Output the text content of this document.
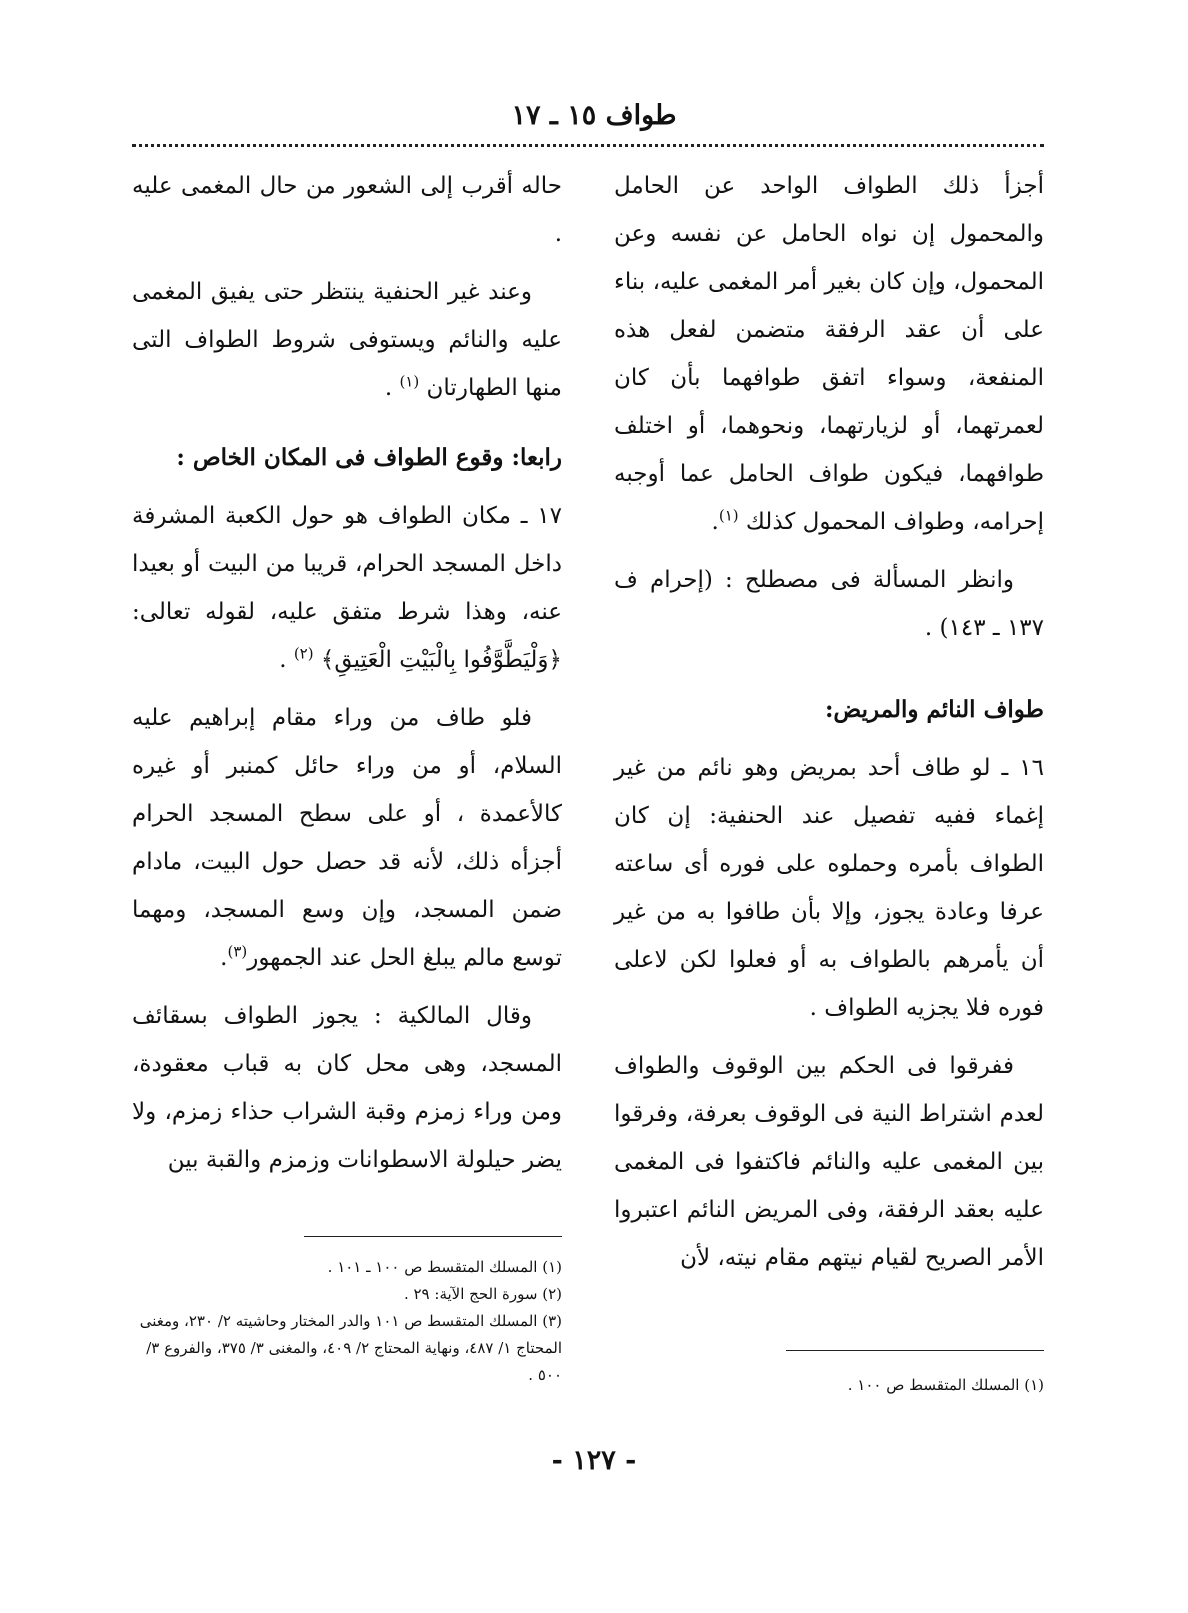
طواف ١٥ ـ ١٧

أجزأ ذلك الطواف الواحد عن الحامل والمحمول إن نواه الحامل عن نفسه وعن المحمول، وإن كان بغير أمر المغمى عليه، بناء على أن عقد الرفقة متضمن لفعل هذه المنفعة، وسواء اتفق طوافهما بأن كان لعمرتهما، أو لزيارتهما، ونحوهما، أو اختلف طوافهما، فيكون طواف الحامل عما أوجبه إحرامه، وطواف المحمول كذلك $^{(١)}$.

وانظر المسألة فى مصطلح : (إحرام ف ١٣٧ ـ ١٤٣) .

طواف النائم والمريض:

١٦ ـ لو طاف أحد بمريض وهو نائم من غير إغماء ففيه تفصيل عند الحنفية: إن كان الطواف بأمره وحملوه على فوره أى ساعته عرفا وعادة يجوز، وإلا بأن طافوا به من غير أن يأمرهم بالطواف به أو فعلوا لكن لاعلى فوره فلا يجزيه الطواف .

ففرقوا فى الحكم بين الوقوف والطواف لعدم اشتراط النية فى الوقوف بعرفة، وفرقوا بين المغمى عليه والنائم فاكتفوا فى المغمى عليه بعقد الرفقة، وفى المريض النائم اعتبروا الأمر الصريح لقيام نيتهم مقام نيته، لأن

حاله أقرب إلى الشعور من حال المغمى عليه .

وعند غير الحنفية ينتظر حتى يفيق المغمى عليه والنائم ويستوفى شروط الطواف التى منها الطهارتان $^{(١)}$ .

رابعا: وقوع الطواف فى المكان الخاص :

١٧ ـ مكان الطواف هو حول الكعبة المشرفة داخل المسجد الحرام، قريبا من البيت أو بعيدا عنه، وهذا شرط متفق عليه، لقوله تعالى: ﴿وَلْيَطَّوَّفُوا بِالْبَيْتِ الْعَتِيقِ﴾ $^{(٢)}$ .

فلو طاف من وراء مقام إبراهيم عليه السلام، أو من وراء حائل كمنبر أو غيره كالأعمدة ، أو على سطح المسجد الحرام أجزأه ذلك، لأنه قد حصل حول البيت، مادام ضمن المسجد، وإن وسع المسجد، ومهما توسع مالم يبلغ الحل عند الجمهور$^{(٣)}$.

وقال المالكية : يجوز الطواف بسقائف المسجد، وهى محل كان به قباب معقودة، ومن وراء زمزم وقبة الشراب حذاء زمزم، ولا يضر حيلولة الاسطوانات وزمزم والقبة بين

(١) المسلك المتقسط ص ١٠٠ .

(١) المسلك المتقسط ص ١٠٠ ـ ١٠١ .

(٢) سورة الحج الآية: ٢٩ .

(٣) المسلك المتقسط ص ١٠١ والدر المختار وحاشيته ٢/ ٢٣٠، ومغنى المحتاج ١/ ٤٨٧، ونهاية المحتاج ٢/ ٤٠٩، والمغنى ٣/ ٣٧٥، والفروع ٣/ ٥٠٠ .

- ١٢٧ -
